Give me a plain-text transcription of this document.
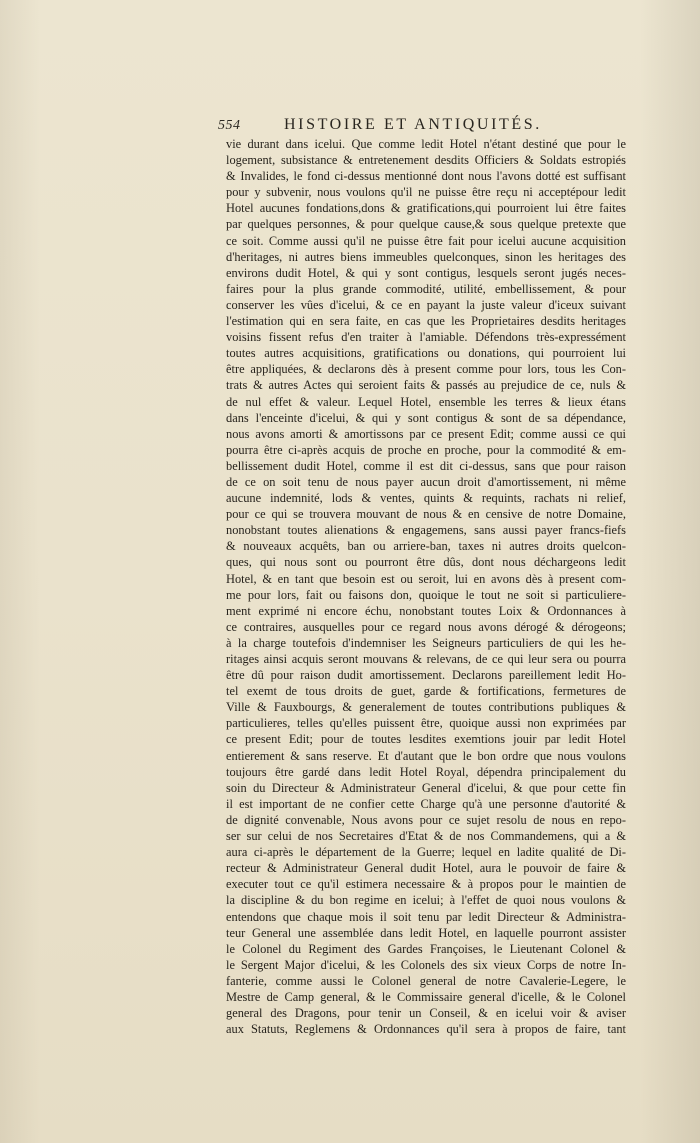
554	HISTOIRE ET ANTIQUITÉS.
vie durant dans icelui. Que comme ledit Hotel n'étant destiné que pour le
logement, subsistance & entretenement desdits Officiers & Soldats estropiés
& Invalides, le fond ci-dessus mentionné dont nous l'avons dotté est suffisant
pour y subvenir, nous voulons qu'il ne puisse être reçu ni acceptépour ledit
Hotel aucunes fondations,dons & gratifications,qui pourroient lui être faites
par quelques personnes, & pour quelque cause,& sous quelque pretexte que
ce soit. Comme aussi qu'il ne puisse être fait pour icelui aucune acquisition
d'heritages, ni autres biens immeubles quelconques, sinon les heritages des
environs dudit Hotel, & qui y sont contigus, lesquels seront jugés neces-
faires pour la plus grande commodité, utilité, embellissement, & pour
conserver les vûes d'icelui, & ce en payant la juste valeur d'iceux suivant
l'estimation qui en sera faite, en cas que les Proprietaires desdits heritages
voisins fissent refus d'en traiter à l'amiable. Défendons très-expressément
toutes autres acquisitions, gratifications ou donations, qui pourroient lui
être appliquées, & declarons dès à present comme pour lors, tous les Con-
trats & autres Actes qui seroient faits & passés au prejudice de ce, nuls &
de nul effet & valeur. Lequel Hotel, ensemble les terres & lieux étans
dans l'enceinte d'icelui, & qui y sont contigus & sont de sa dépendance,
nous avons amorti & amortissons par ce present Edit; comme aussi ce qui
pourra être ci-après acquis de proche en proche, pour la commodité & em-
bellissement dudit Hotel, comme il est dit ci-dessus, sans que pour raison
de ce on soit tenu de nous payer aucun droit d'amortissement, ni même
aucune indemnité, lods & ventes, quints & requints, rachats ni relief,
pour ce qui se trouvera mouvant de nous & en censive de notre Domaine,
nonobstant toutes alienations & engagemens, sans aussi payer francs-fiefs
& nouveaux acquêts, ban ou arriere-ban, taxes ni autres droits quelcon-
ques, qui nous sont ou pourront être dûs, dont nous déchargeons ledit
Hotel, & en tant que besoin est ou seroit, lui en avons dès à present com-
me pour lors, fait ou faisons don, quoique le tout ne soit si particuliere-
ment exprimé ni encore échu, nonobstant toutes Loix & Ordonnances à
ce contraires, ausquelles pour ce regard nous avons dérogé & dérogeons;
à la charge toutefois d'indemniser les Seigneurs particuliers de qui les he-
ritages ainsi acquis seront mouvans & relevans, de ce qui leur sera ou pourra
être dû pour raison dudit amortissement. Declarons pareillement ledit Ho-
tel exemt de tous droits de guet, garde & fortifications, fermetures de
Ville & Fauxbourgs, & generalement de toutes contributions publiques &
particulieres, telles qu'elles puissent être, quoique aussi non exprimées par
ce present Edit; pour de toutes lesdites exemtions jouir par ledit Hotel
entierement & sans reserve. Et d'autant que le bon ordre que nous voulons
toujours être gardé dans ledit Hotel Royal, dépendra principalement du
soin du Directeur & Administrateur General d'icelui, & que pour cette fin
il est important de ne confier cette Charge qu'à une personne d'autorité &
de dignité convenable, Nous avons pour ce sujet resolu de nous en repo-
ser sur celui de nos Secretaires d'Etat & de nos Commandemens, qui a &
aura ci-après le département de la Guerre; lequel en ladite qualité de Di-
recteur & Administrateur General dudit Hotel, aura le pouvoir de faire &
executer tout ce qu'il estimera necessaire & à propos pour le maintien de
la discipline & du bon regime en icelui; à l'effet de quoi nous voulons &
entendons que chaque mois il soit tenu par ledit Directeur & Administra-
teur General une assemblée dans ledit Hotel, en laquelle pourront assister
le Colonel du Regiment des Gardes Françoises, le Lieutenant Colonel &
le Sergent Major d'icelui, & les Colonels des six vieux Corps de notre In-
fanterie, comme aussi le Colonel general de notre Cavalerie-Legere, le
Mestre de Camp general, & le Commissaire general d'icelle, & le Colonel
general des Dragons, pour tenir un Conseil, & en icelui voir & aviser
aux Statuts, Reglemens & Ordonnances qu'il sera à propos de faire, tant
